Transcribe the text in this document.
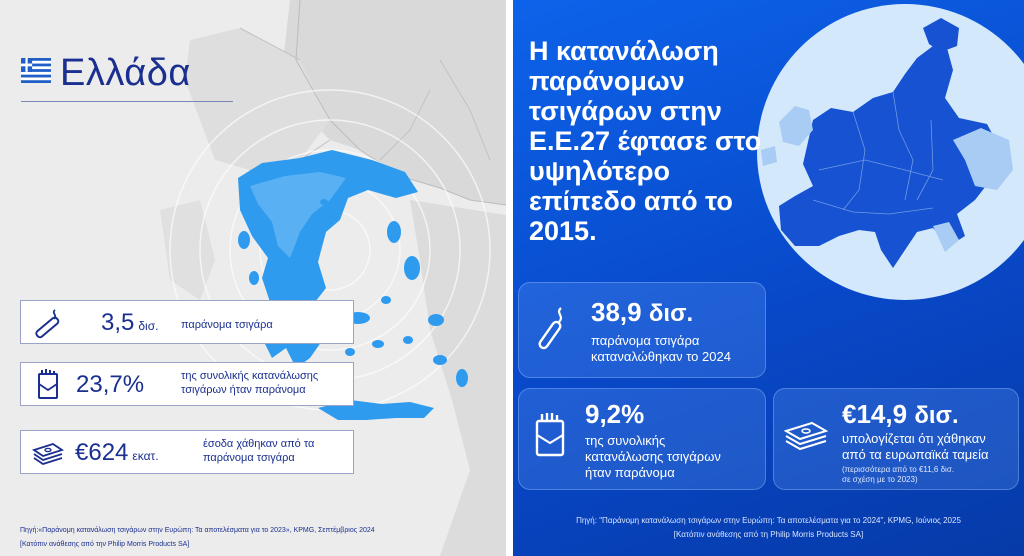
Ελλάδα
3,5 δισ. παράνομα τσιγάρα
23,7%	της συνολικής κατανάλωσης
τσιγάρων ήταν παράνομα
€624 εκατ.
έσοδα χάθηκαν από τα
παράνομα τσιγάρα
Πηγή:«Παράνομη κατανάλωση τσιγάρων στην Ευρώπη: Τα αποτελέσματα για το 2023», KPMG, Σεπτέμβριος 2024
[Κατόπιν ανάθεσης από την Philip Morris Products SA]
Η κατανάλωση παράνομων τσιγάρων στην Ε.Ε.27 έφτασε στο υψηλότερο επίπεδο από το 2015.
38,9 δισ.
παράνομα τσιγάρα
καταναλώθηκαν το 2024
9,2%
της συνολικής
κατανάλωσης τσιγάρων
ήταν παράνομα
€14,9 δισ.
υπολογίζεται ότι χάθηκαν
από τα ευρωπαϊκά ταμεία
(περισσότερα από το €11,6 δισ.
σε σχέση με το 2023)
Πηγή: "Παράνομη κατανάλωση τσιγάρων στην Ευρώπη: Τα αποτελέσματα για το 2024", KPMG, Ιούνιος 2025
[Κατόπιν ανάθεσης από τη Philip Morris Products SA]
